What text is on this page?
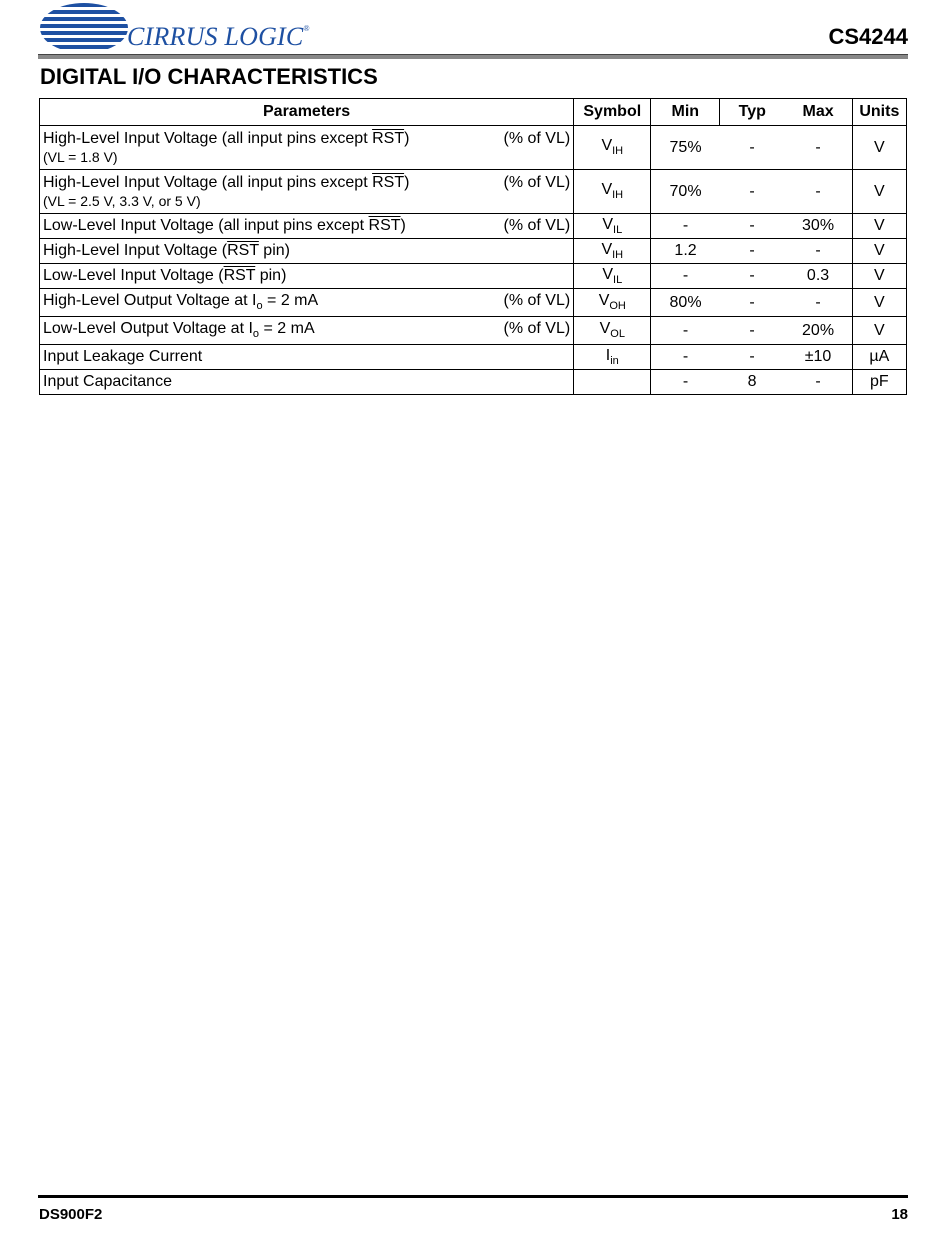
CIRRUS LOGIC®	CS4244
DIGITAL I/O CHARACTERISTICS
Parameters	Symbol	Min	Typ	Max	Units

High-Level Input Voltage (all input pins except $\overline{RST}$) (% of VL)
(VL = 1.8 V)	$V_{IH}$	75%	-	-	V

High-Level Input Voltage (all input pins except $\overline{RST}$) (% of VL)
(VL = 2.5 V, 3.3 V, or 5 V)	$V_{IH}$	70%	-	-	V

Low-Level Input Voltage (all input pins except $\overline{RST}$) (% of VL)	$V_{IL}$	-	-	30%	V

High-Level Input Voltage ($\overline{RST}$ pin)	$V_{IH}$	1.2	-	-	V

Low-Level Input Voltage ($\overline{RST}$ pin)	$V_{IL}$	-	-	0.3	V

High-Level Output Voltage at $I_o = 2$ mA (% of VL)	$V_{OH}$	80%	-	-	V

Low-Level Output Voltage at $I_o = 2$ mA (% of VL)	$V_{OL}$	-	-	20%	V

Input Leakage Current	$I_{in}$	-	-	±10	µA

Input Capacitance		-	8	-	pF
DS900F2	18
